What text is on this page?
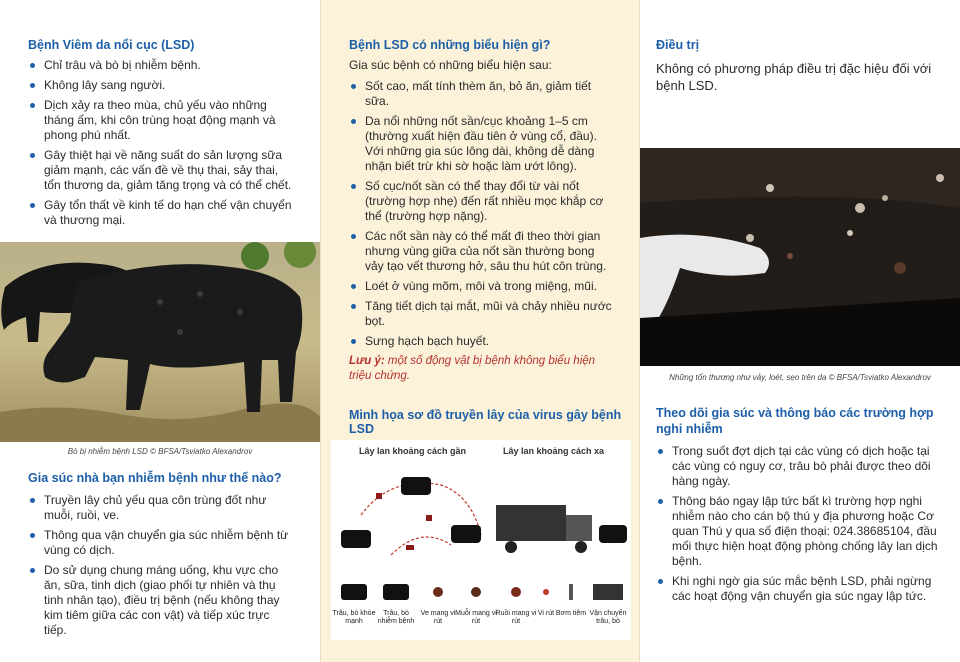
Bệnh Viêm da nổi cục (LSD)
Chỉ trâu và bò bị nhiễm bệnh.
Không lây sang người.
Dịch xảy ra theo mùa, chủ yếu vào những tháng ấm, khi côn trùng hoạt động mạnh và phong phú nhất.
Gây thiệt hại về năng suất do sản lượng sữa giảm mạnh, các vấn đề về thụ thai, sảy thai, tổn thương da, giảm tăng trọng và có thể chết.
Gây tổn thất về kinh tế do hạn chế vận chuyển và thương mại.
Bò bị nhiễm bệnh LSD © BFSA/Tsviatko Alexandrov
Gia súc nhà bạn nhiễm bệnh như thế nào?
Truyền lây chủ yếu qua côn trùng đốt như muỗi, ruồi, ve.
Thông qua vận chuyển gia súc nhiễm bệnh từ vùng có dịch.
Do sử dụng chung máng uống, khu vực cho ăn, sữa, tinh dịch (giao phối tự nhiên và thụ tinh nhân tạo), điều trị bệnh (nếu không thay kim tiêm giữa các con vật) và tiếp xúc trực tiếp.
Bệnh LSD có những biểu hiện gì?

Gia súc bệnh có những biểu hiện sau:

Sốt cao, mất tính thèm ăn, bỏ ăn, giảm tiết sữa.
Da nổi những nốt sần/cục khoảng 1–5 cm (thường xuất hiện đầu tiên ở vùng cổ, đầu). Với những gia súc lông dài, không dễ dàng nhận biết trừ khi sờ hoặc làm ướt lông).
Số cục/nốt sần có thể thay đổi từ vài nốt (trường hợp nhẹ) đến rất nhiều mọc khắp cơ thể (trường hợp nặng).
Các nốt sần này có thể mất đi theo thời gian nhưng vùng giữa của nốt sần thường bong vảy tạo vết thương hở, sâu thu hút côn trùng.
Loét ở vùng mõm, môi và trong miệng, mũi.
Tăng tiết dịch tại mắt, mũi và chảy nhiều nước bọt.
Sưng hạch bạch huyết.

Lưu ý: một số động vật bị bệnh không biểu hiện triệu chứng.

Minh họa sơ đồ truyền lây của virus gây bệnh LSD
Lây lan khoảng cách gần	Lây lan khoảng cách xa
Trâu, bò khỏe mạnh
Trâu, bò nhiễm bệnh
Ve mang vi rút
Muỗi mang vi rút
Ruồi mang vi rút
Vi rút Bơm tiêm Vận chuyển trâu, bò
Điều trị

Không có phương pháp điều trị đặc hiệu đối với bệnh LSD.

Những tổn thương như vảy, loét, sẹo trên da © BFSA/Tsviatko Alexandrov
Theo dõi gia súc và thông báo các trường hợp nghi nhiễm
Trong suốt đợt dịch tại các vùng có dịch hoặc tại các vùng có nguy cơ, trâu bò phải được theo dõi hàng ngày.
Thông báo ngay lập tức bất kì trường hợp nghi nhiễm nào cho cán bộ thú y địa phương hoặc Cơ quan Thú y qua số điện thoại: 024.38685104, đầu mối thực hiện hoạt động phòng chống lây lan dịch bệnh.
Khi nghi ngờ gia súc mắc bệnh LSD, phải ngừng các hoạt động vận chuyển gia súc ngay lập tức.
